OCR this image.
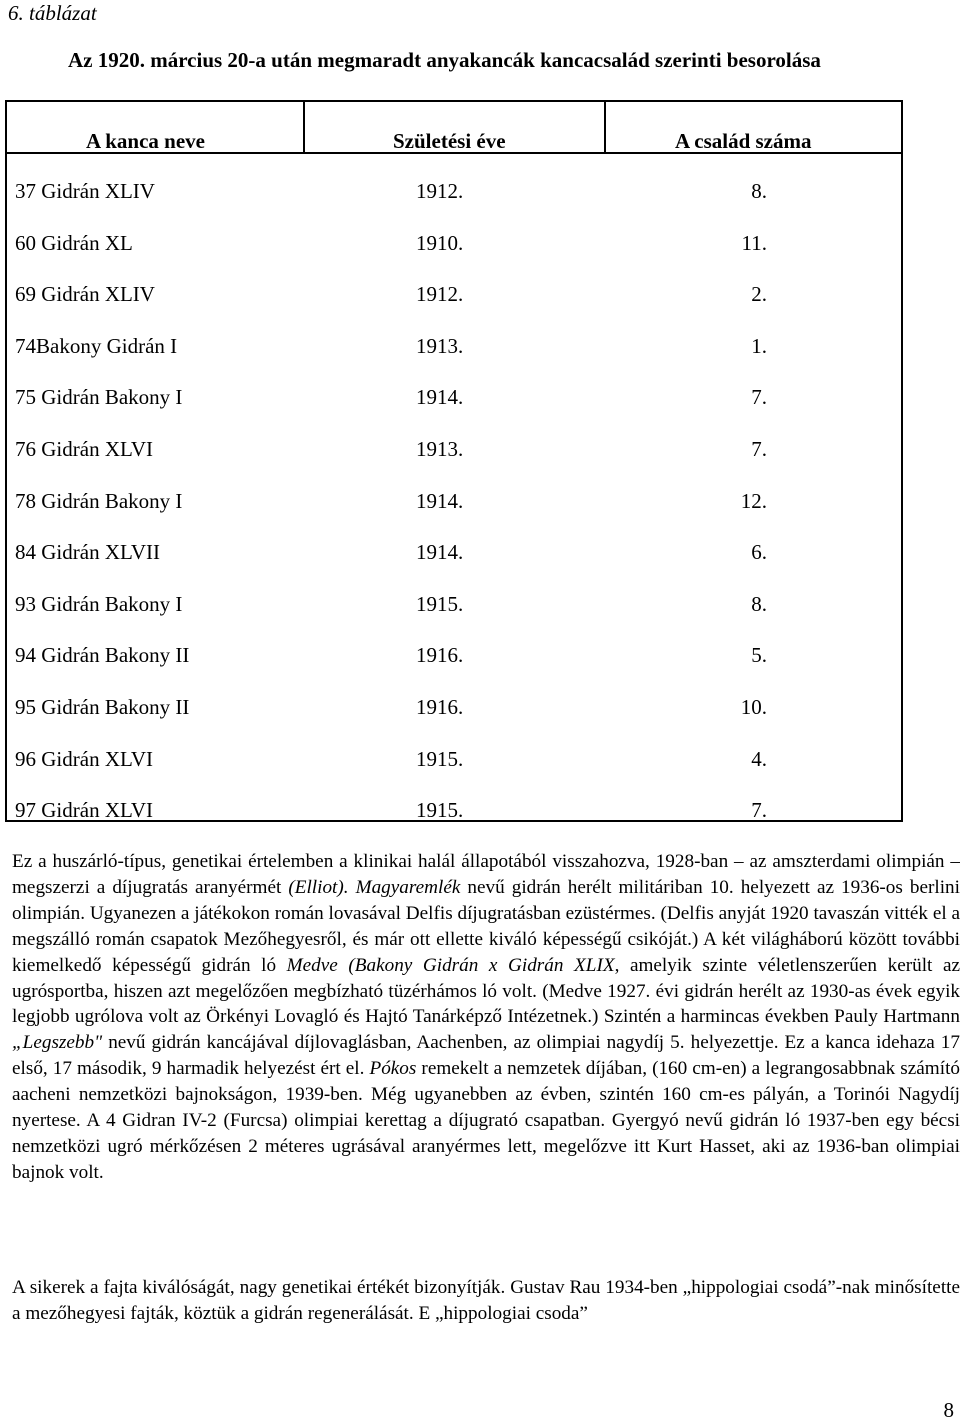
6. táblázat
Az 1920. március 20-a után megmaradt anyakancák kancacsalád szerinti besorolása
A kanca neve	Születési éve	A család száma
37 Gidrán XLIV	1912.	8.
60 Gidrán XL	1910.	11.
69 Gidrán XLIV	1912.	2.
74Bakony Gidrán I	1913.	1.
75 Gidrán Bakony I	1914.	7.
76 Gidrán XLVI	1913.	7.
78 Gidrán Bakony I	1914.	12.
84 Gidrán XLVII	1914.	6.
93 Gidrán Bakony I	1915.	8.
94 Gidrán Bakony II	1916.	5.
95 Gidrán Bakony II	1916.	10.
96 Gidrán XLVI	1915.	4.
97 Gidrán XLVI	1915.	7.
Ez a huszárló-típus, genetikai értelemben a klinikai halál állapotából visszahozva, 1928-ban – az amszterdami olimpián – megszerzi a díjugratás aranyérmét (Elliot). Magyaremlék nevű gidrán herélt militáriban 10. helyezett az 1936-os berlini olimpián. Ugyanezen a játékokon román lovasával Delfis díjugratásban ezüstérmes. (Delfis anyját 1920 tavaszán vitték el a megszálló román csapatok Mezőhegyesről, és már ott ellette kiváló képességű csikóját.) A két világháború között további kiemelkedő képességű gidrán ló Medve (Bakony Gidrán x Gidrán XLIX, amelyik szinte véletlenszerűen került az ugrósportba, hiszen azt megelőzően megbízható tüzérhámos ló volt. (Medve 1927. évi gidrán herélt az 1930-as évek egyik legjobb ugrólova volt az Örkényi Lovagló és Hajtó Tanárképző Intézetnek.) Szintén a harmincas években Pauly Hartmann „Legszebb" nevű gidrán kancájával díjlovaglásban, Aachenben, az olimpiai nagydíj 5. helyezettje. Ez a kanca idehaza 17 első, 17 második, 9 harmadik helyezést ért el. Pókos remekelt a nemzetek díjában, (160 cm-en) a legrangosabbnak számító aacheni nemzetközi bajnokságon, 1939-ben. Még ugyanebben az évben, szintén 160 cm-es pályán, a Torinói Nagydíj nyertese. A 4 Gidran IV-2 (Furcsa) olimpiai kerettag a díjugrató csapatban. Gyergyó nevű gidrán ló 1937-ben egy bécsi nemzetközi ugró mérkőzésen 2 méteres ugrásával aranyérmes lett, megelőzve itt Kurt Hasset, aki az 1936-ban olimpiai bajnok volt.
A sikerek a fajta kiválóságát, nagy genetikai értékét bizonyítják. Gustav Rau 1934-ben „hippologiai csodá”-nak minősítette a mezőhegyesi fajták, köztük a gidrán regenerálását. E „hippologiai csoda”
8
